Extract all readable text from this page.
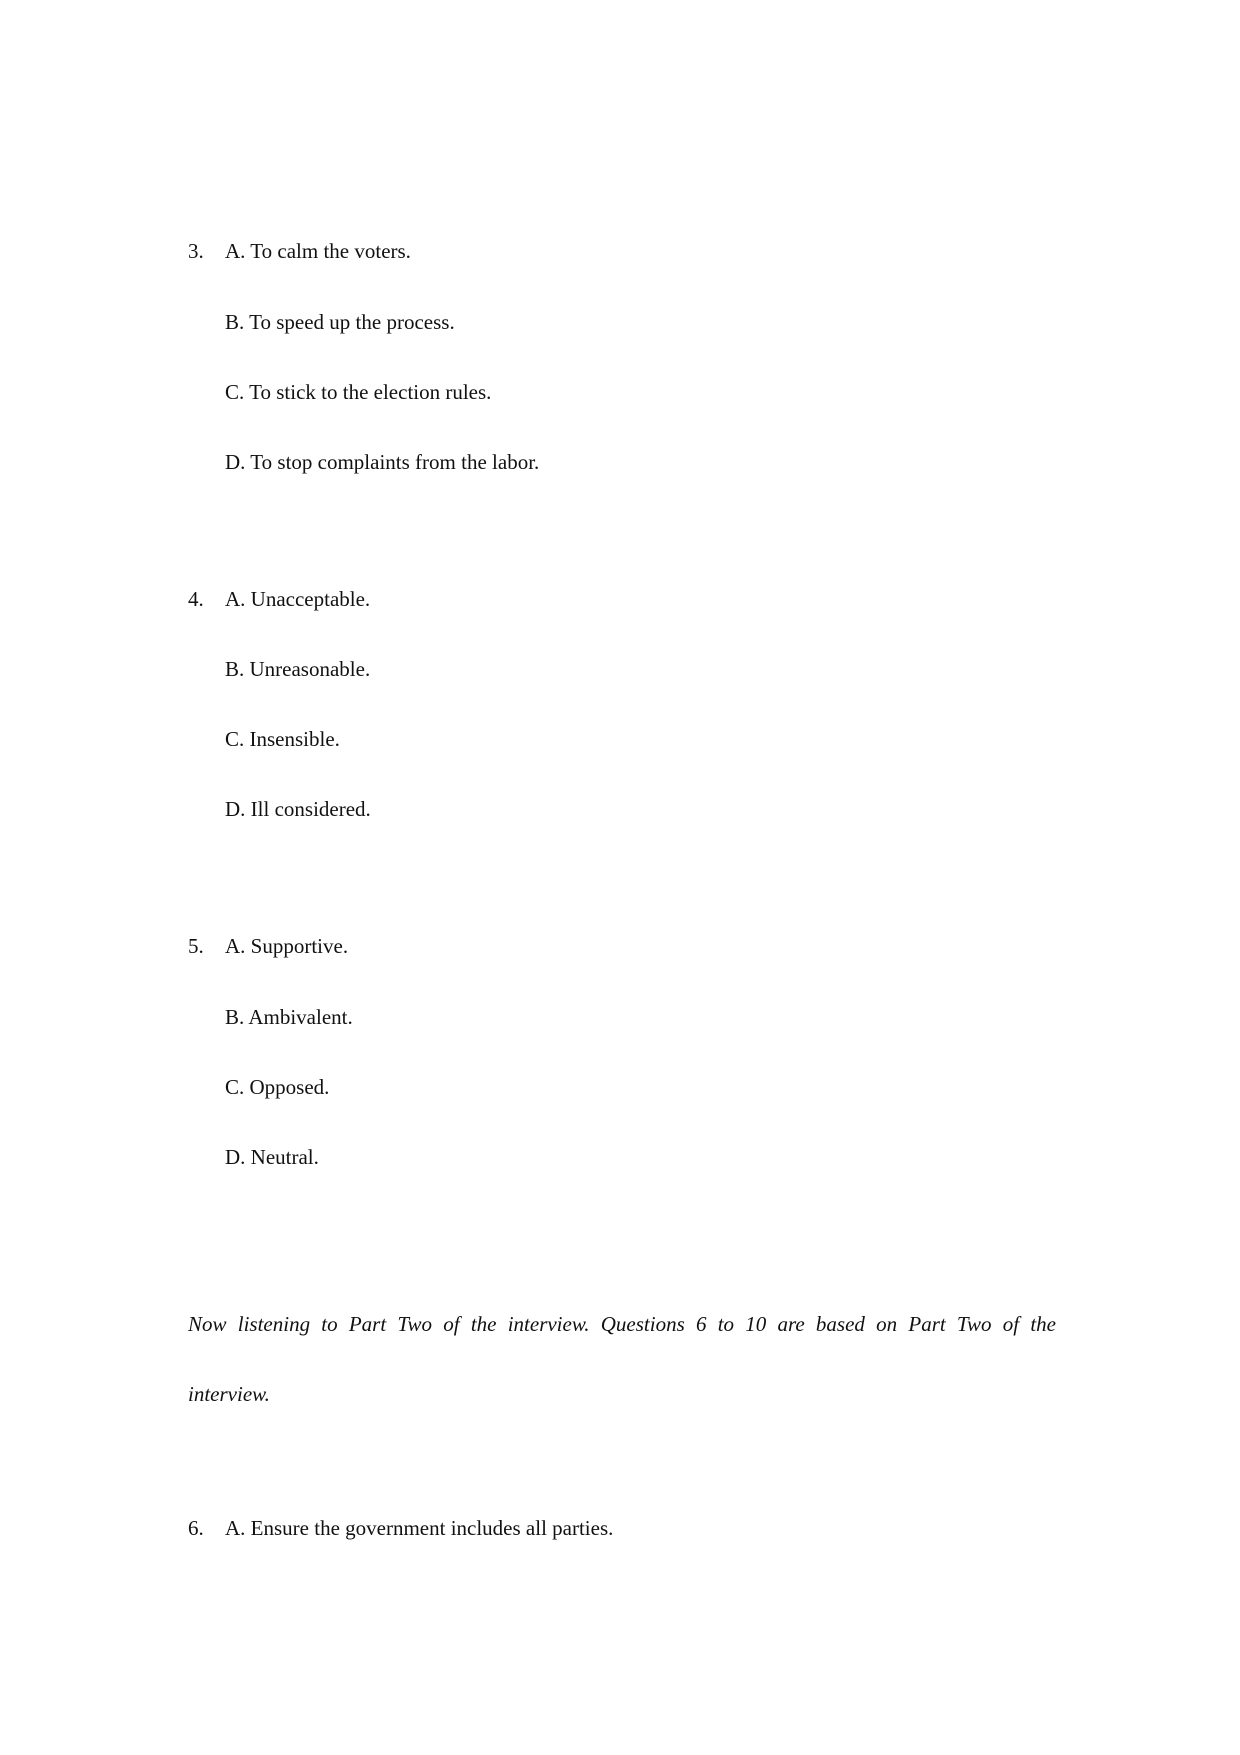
3. A. To calm the voters.
B. To speed up the process.
C. To stick to the election rules.
D. To stop complaints from the labor.
4. A. Unacceptable.
B. Unreasonable.
C. Insensible.
D. Ill considered.
5. A. Supportive.
B. Ambivalent.
C. Opposed.
D. Neutral.
Now listening to Part Two of the interview. Questions 6 to 10 are based on Part Two of the
interview.
6. A. Ensure the government includes all parties.
